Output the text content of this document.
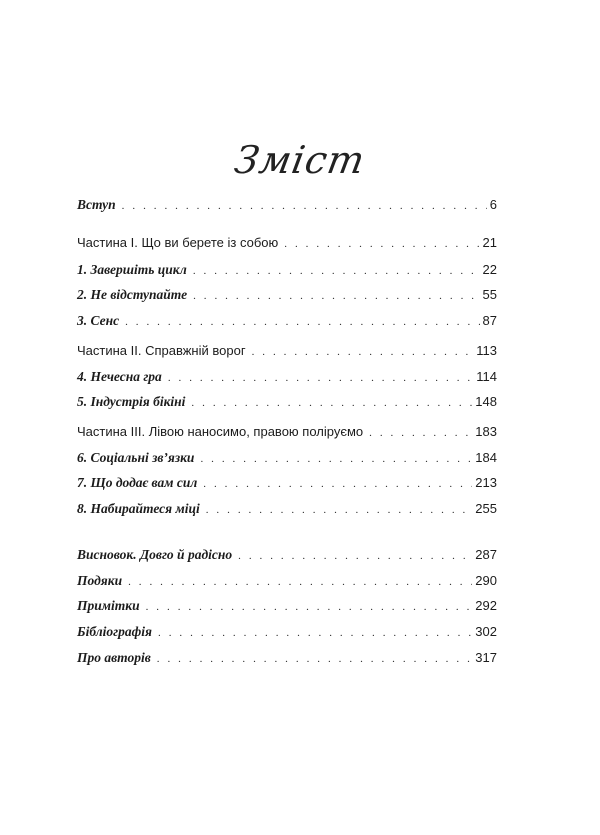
Зміст
Вступ . . .	6
Частина I. Що ви берете із собою . . .	21
1. Завершіть цикл . . .	22
2. Не відступайте . . .	55
3. Сенс . . .	87
Частина II. Справжній ворог . . .	113
4. Нечесна гра . . .	114
5. Індустрія бікіні . . .	148
Частина III. Лівою наносимо, правою поліруємо . . .	183
6. Соціальні зв’язки . . .	184
7. Що додає вам сил . . .	213
8. Набирайтеся міці . . .	255
Висновок. Довго й радісно . . .	287
Подяки . . .	290
Примітки . . .	292
Бібліографія . . .	302
Про авторів . . .	317
